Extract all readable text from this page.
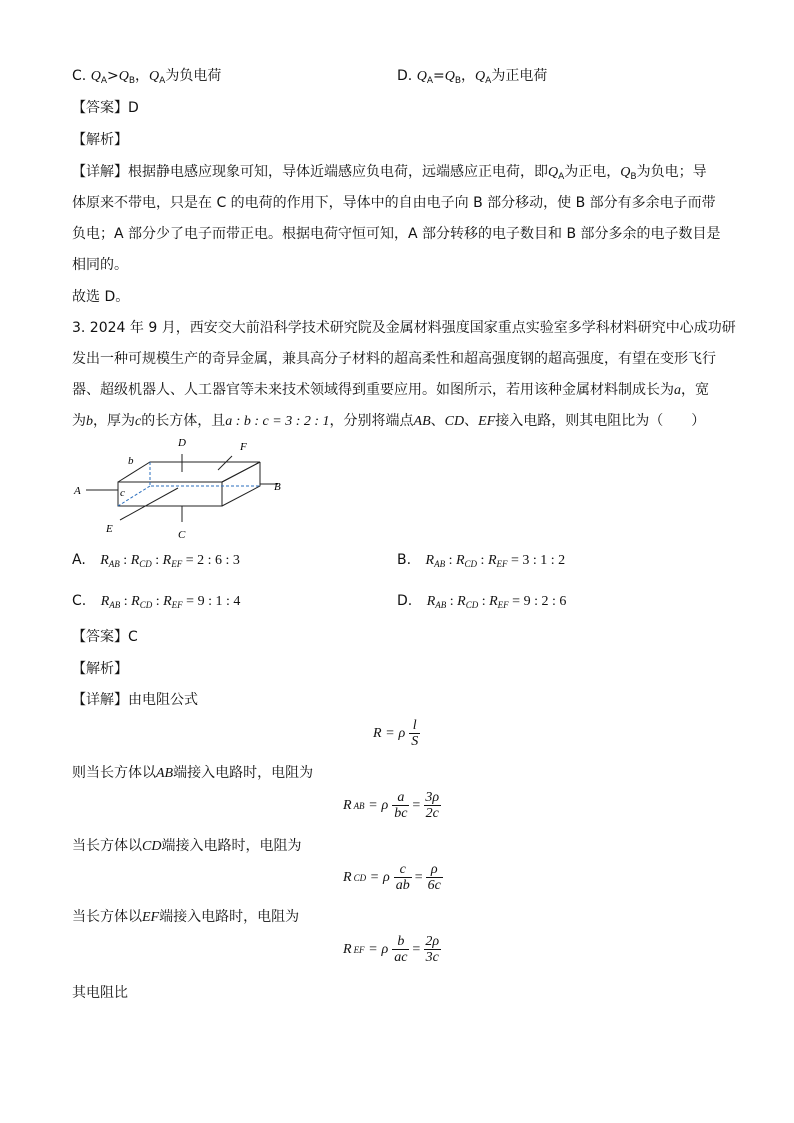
C. $Q_A>Q_B$，$Q_A$为负电荷	D. $Q_A=Q_B$，$Q_A$为正电荷
【答案】D
【解析】
【详解】根据静电感应现象可知，导体近端感应负电荷，远端感应正电荷，即$Q_A$为正电，$Q_B$为负电；导
体原来不带电，只是在 C 的电荷的作用下，导体中的自由电子向 B 部分移动，使 B 部分有多余电子而带
负电；A 部分少了电子而带正电。根据电荷守恒可知，A 部分转移的电子数目和 B 部分多余的电子数目是
相同的。
故选 D。
3. 2024 年 9 月，西安交大前沿科学技术研究院及金属材料强度国家重点实验室多学科材料研究中心成功研
发出一种可规模生产的奇异金属，兼具高分子材料的超高柔性和超高强度钢的超高强度，有望在变形飞行
器、超级机器人、人工器官等未来技术领域得到重要应用。如图所示，若用该种金属材料制成长为a，宽
为b，厚为c的长方体，且a : b : c = 3 : 2 : 1，分别将端点AB、CD、EF接入电路，则其电阻比为（　　）
D	F
b
A	c	B
E	C
A. $R_{AB}$ : $R_{CD}$ : $R_{EF} = 2$ : 6 : 3	B. $R_{AB}$ : $R_{CD}$ : $R_{EF} = 3$ : 1 : 2
C. $R_{AB}$ : $R_{CD}$ : $R_{EF} = 9$ : 1 : 4	D. $R_{AB}$ : $R_{CD}$ : $R_{EF} = 9$ : 2 : 6
【答案】C
【解析】
【详解】由电阻公式
R
=
ρ $\frac{l}{S}$
则当长方体以AB端接入电路时，电阻为
R AB
=
ρ $\frac{a}{bc} = \frac{3\rho}{2c}$
当长方体以CD端接入电路时，电阻为
R CD
=
ρ $\frac{c}{ab} = \frac{\rho}{6c}$
当长方体以EF端接入电路时，电阻为
R EF
=
ρ $\frac{b}{ac} = \frac{2\rho}{3c}$
其电阻比
